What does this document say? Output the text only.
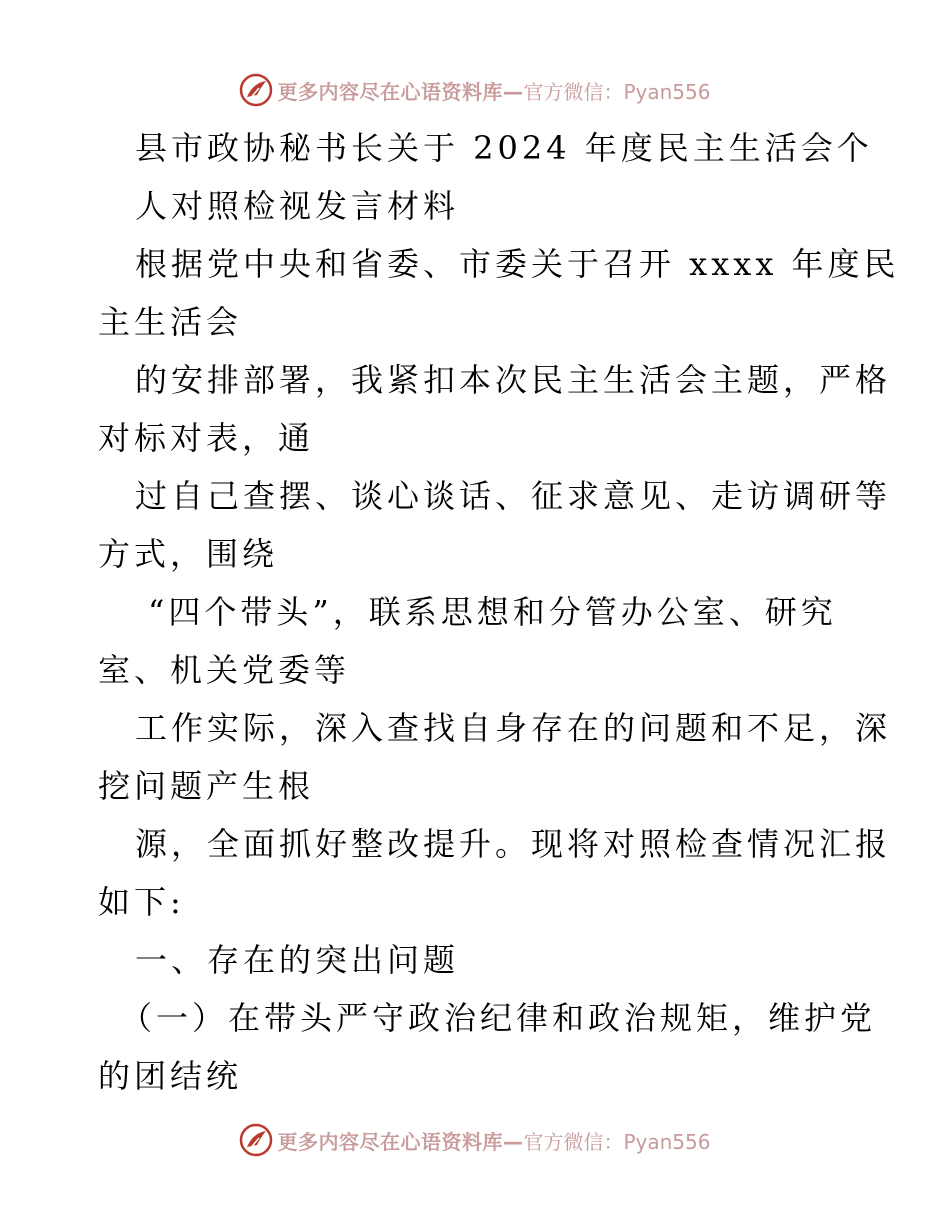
更多内容尽在心语资料库— 官方微信：Pyan556
县市政协秘书长关于 2024 年度民主生活会个
人对照检视发言材料
根据党中央和省委、市委关于召开 xxxx 年度民
主生活会
的安排部署，我紧扣本次民主生活会主题，严格
对标对表，通
过自己查摆、谈心谈话、征求意见、走访调研等
方式，围绕
“四个带头”，联系思想和分管办公室、研究
室、机关党委等
工作实际，深入查找自身存在的问题和不足，深
挖问题产生根
源，全面抓好整改提升。现将对照检查情况汇报
如下:
一、存在的突出问题
（一）在带头严守政治纪律和政治规矩，维护党
的团结统
更多内容尽在心语资料库— 官方微信：Pyan556
